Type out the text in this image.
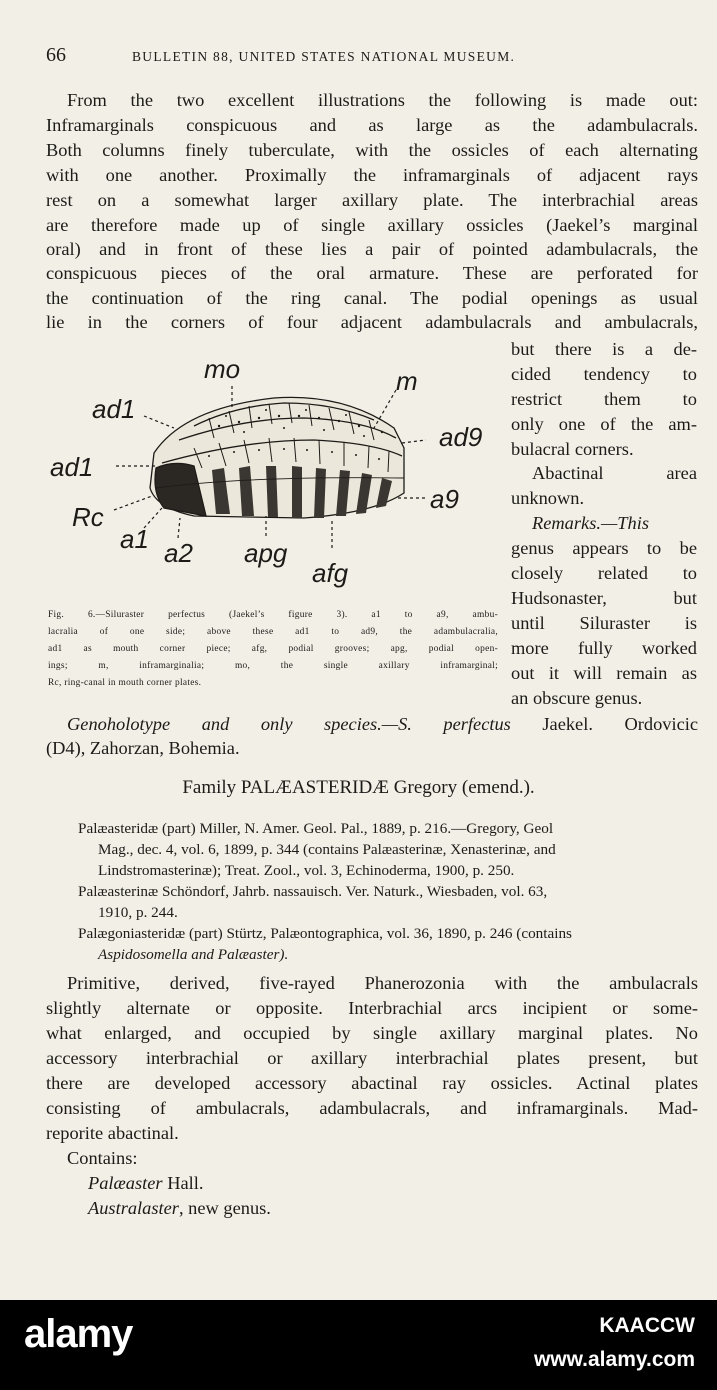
66	BULLETIN 88, UNITED STATES NATIONAL MUSEUM.
From the two excellent illustrations the following is made out:
Inframarginals conspicuous and as large as the adambulacrals.
Both columns finely tuberculate, with the ossicles of each alternating
with one another. Proximally the inframarginals of adjacent rays
rest on a somewhat larger axillary plate. The interbrachial areas
are therefore made up of single axillary ossicles (Jaekel’s marginal
oral) and in front of these lies a pair of pointed adambulacrals, the
conspicuous pieces of the oral armature. These are perforated for
the continuation of the ring canal. The podial openings as usual
lie in the corners of four adjacent adambulacrals and ambulacrals,
but there is a de-
cided tendency to
restrict them to
only one of the am-
bulacral corners.
Abactinal area
unknown.
Remarks.—This
genus appears to be
closely related to
Hudsonaster, but
until Siluraster is
more fully worked
out it will remain as
an obscure genus.
mo	m
ad1
ad9
ad1
a9
Rc
a1 a2 apg
afg
Fig. 6.—Siluraster perfectus (Jaekel’s figure 3). a1 to a9, ambu-
lacralia of one side; above these ad1 to ad9, the adambulacralia,
ad1 as mouth corner piece; afg, podial grooves; apg, podial open-
ings; m, inframarginalia; mo, the single axillary inframarginal;
Rc, ring-canal in mouth corner plates.
Genoholotype and only species.—S. perfectus Jaekel. Ordovicic
(D4), Zahorzan, Bohemia.
Family PALÆASTERIDÆ Gregory (emend.).
Palæasteridæ (part) Miller, N. Amer. Geol. Pal., 1889, p. 216.—Gregory, Geol
Mag., dec. 4, vol. 6, 1899, p. 344 (contains Palæasterinæ, Xenasterinæ, and
Lindstromasterinæ); Treat. Zool., vol. 3, Echinoderma, 1900, p. 250.
Palæasterinæ Schöndorf, Jahrb. nassauisch. Ver. Naturk., Wiesbaden, vol. 63,
1910, p. 244.
Palægoniasteridæ (part) Stürtz, Palæontographica, vol. 36, 1890, p. 246 (contains
Aspidosomella and Palæaster).
Primitive, derived, five-rayed Phanerozonia with the ambulacrals
slightly alternate or opposite. Interbrachial arcs incipient or some-
what enlarged, and occupied by single axillary marginal plates. No
accessory interbrachial or axillary interbrachial plates present, but
there are developed accessory abactinal ray ossicles. Actinal plates
consisting of ambulacrals, adambulacrals, and inframarginals. Mad-
reporite abactinal.
Contains:
Palæaster Hall.
Australaster, new genus.
alamy	KAACCW
www.alamy.com
